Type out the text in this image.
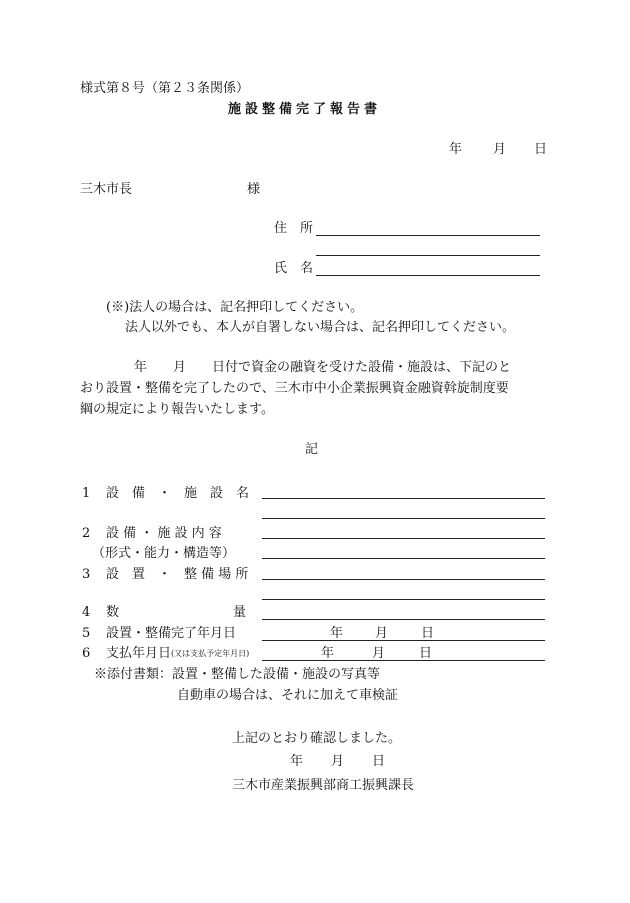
様式第８号（第２３条関係）
施設整備完了報告書
年 月 日
三木市長	様
住　所
氏　名
(※)法人の場合は、記名押印してください。
法人以外でも、本人が自署しない場合は、記名押印してください。
年　　月　　日付で資金の融資を受けた設備・施設は、下記のと
おり設置・整備を完了したので、三木市中小企業振興資金融資斡旋制度要
綱の規定により報告いたします。
記
1 設　備　・　施　設　名
2 設 備 ・ 施 設 内 容
（形式・能力・構造等）
3 設　置　・　整 備 場 所
4 数	量
5 設置・整備完了年月日	年 月	日
6 支払年月日 (又は支払予定年月日)	年	月	日
※添付書類：設置・整備した設備・施設の写真等
自動車の場合は、それに加えて車検証
上記のとおり確認しました。
年 月 日
三木市産業振興部商工振興課長
